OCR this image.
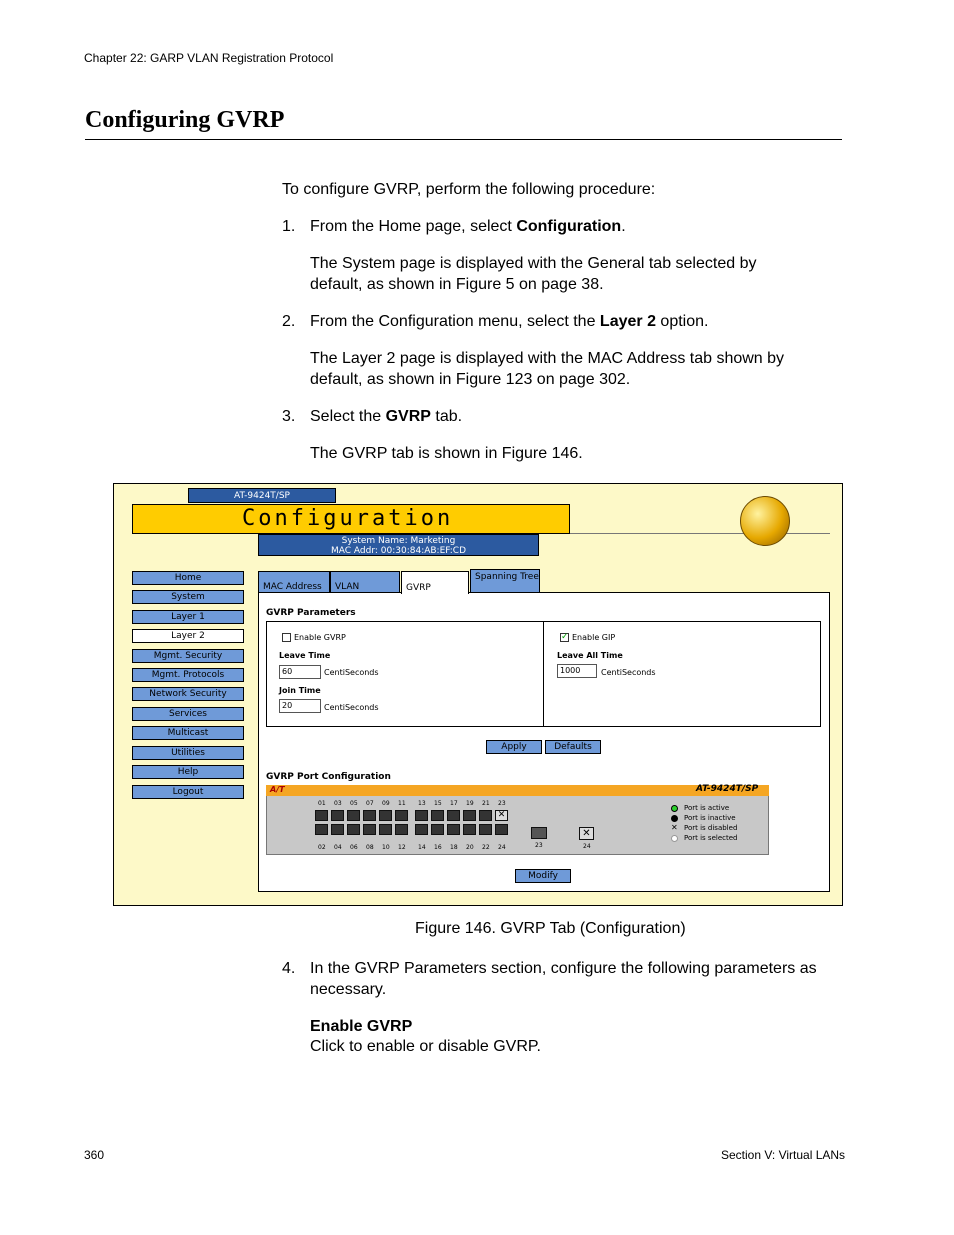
Chapter 22: GARP VLAN Registration Protocol
Configuring GVRP
To configure GVRP, perform the following procedure:
1. From the Home page, select Configuration.
The System page is displayed with the General tab selected by default, as shown in Figure 5 on page 38.
2. From the Configuration menu, select the Layer 2 option.
The Layer 2 page is displayed with the MAC Address tab shown by default, as shown in Figure 123 on page 302.
3. Select the GVRP tab.
The GVRP tab is shown in Figure 146.
AT-9424T/SP
Configuration
System Name: Marketing
MAC Addr: 00:30:84:AB:EF:CD
Home
System
Layer 1
Layer 2
Mgmt. Security
Mgmt. Protocols
Network Security
Services
Multicast
Utilities
Help
Logout
MAC Address	VLAN	GVRP
Spanning Tree
GVRP Parameters
Enable GVRP
Leave Time
60	CentiSeconds
Join Time
20	CentiSeconds
✓ Enable GIP
Leave All Time
1000	CentiSeconds
Apply	Defaults
GVRP Port Configuration
A/T	AT-9424T/SP
01 03 05 07 09 11 13 15 17 19 21 23
✕
02 04 06 08 10 12 14 16 18 20 22 24	23
✕
24
Port is active
Port is inactive
✕ Port is disabled
Port is selected
Modify
Figure 146. GVRP Tab (Configuration)
4. In the GVRP Parameters section, configure the following parameters as necessary.
Enable GVRP
Click to enable or disable GVRP.
360	Section V: Virtual LANs
